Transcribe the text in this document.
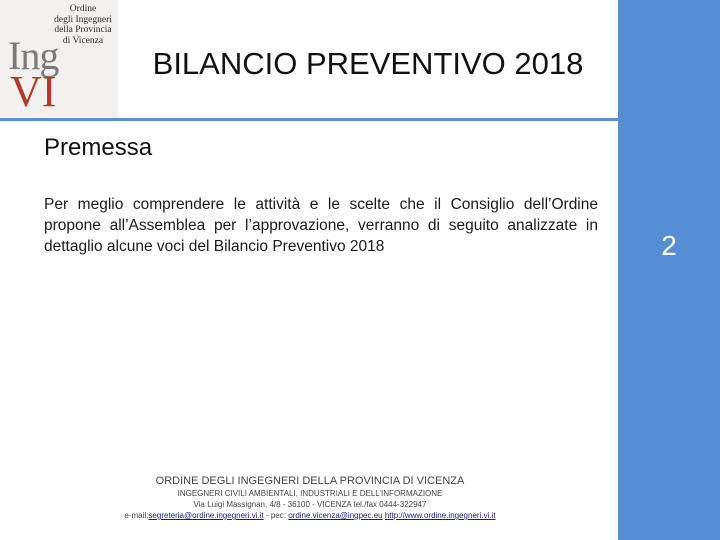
Ordine
degli Ingegneri
della Provincia
di Vicenza
Ing
VI
BILANCIO PREVENTIVO 2018
2
Premessa

Per meglio comprendere le attività e le scelte che il Consiglio dell’Ordine propone all’Assemblea per l’approvazione, verranno di seguito analizzate in dettaglio alcune voci del Bilancio Preventivo 2018

ORDINE DEGLI INGEGNERI DELLA PROVINCIA DI VICENZA
INGEGNERI CIVILI AMBIENTALI, INDUSTRIALI E DELL’INFORMAZIONE
Via Luigi Massignan, 4/8 - 36100 - VICENZA tel./fax 0444-322947
e-mail:segreteria@ordine.ingegneri.vi.it - pec: ordine.vicenza@ingpec.eu http://www.ordine.ingegneri.vi.it
